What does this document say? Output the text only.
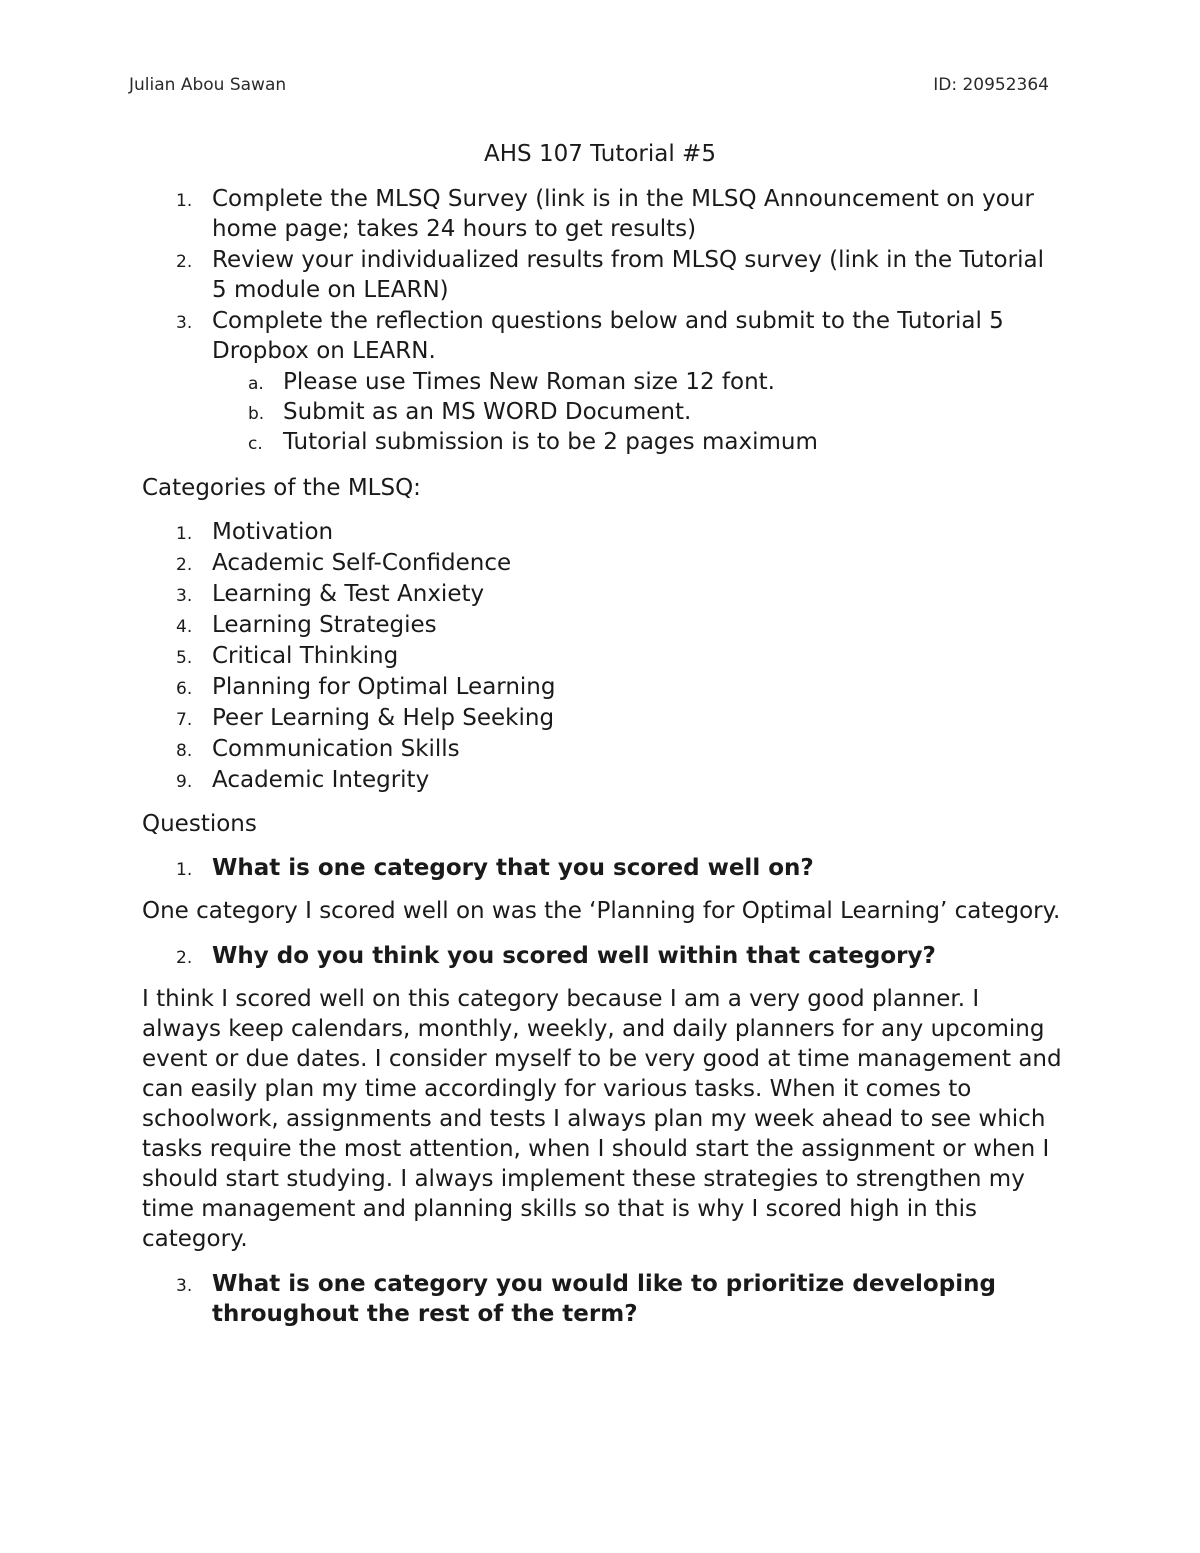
Julian Abou Sawan	ID: 20952364
AHS 107 Tutorial #5
1. Complete the MLSQ Survey (link is in the MLSQ Announcement on your home page; takes 24 hours to get results)
2. Review your individualized results from MLSQ survey (link in the Tutorial 5 module on LEARN)
3. Complete the reflection questions below and submit to the Tutorial 5 Dropbox on LEARN.
a. Please use Times New Roman size 12 font.
b. Submit as an MS WORD Document.
c. Tutorial submission is to be 2 pages maximum
Categories of the MLSQ:
1. Motivation
2. Academic Self-Confidence
3. Learning & Test Anxiety
4. Learning Strategies
5. Critical Thinking
6. Planning for Optimal Learning
7. Peer Learning & Help Seeking
8. Communication Skills
9. Academic Integrity
Questions
1. What is one category that you scored well on?
One category I scored well on was the ‘Planning for Optimal Learning’ category.
2. Why do you think you scored well within that category?
I think I scored well on this category because I am a very good planner. I always keep calendars, monthly, weekly, and daily planners for any upcoming event or due dates. I consider myself to be very good at time management and can easily plan my time accordingly for various tasks. When it comes to schoolwork, assignments and tests I always plan my week ahead to see which tasks require the most attention, when I should start the assignment or when I should start studying. I always implement these strategies to strengthen my time management and planning skills so that is why I scored high in this category.
3. What is one category you would like to prioritize developing throughout the rest of the term?
